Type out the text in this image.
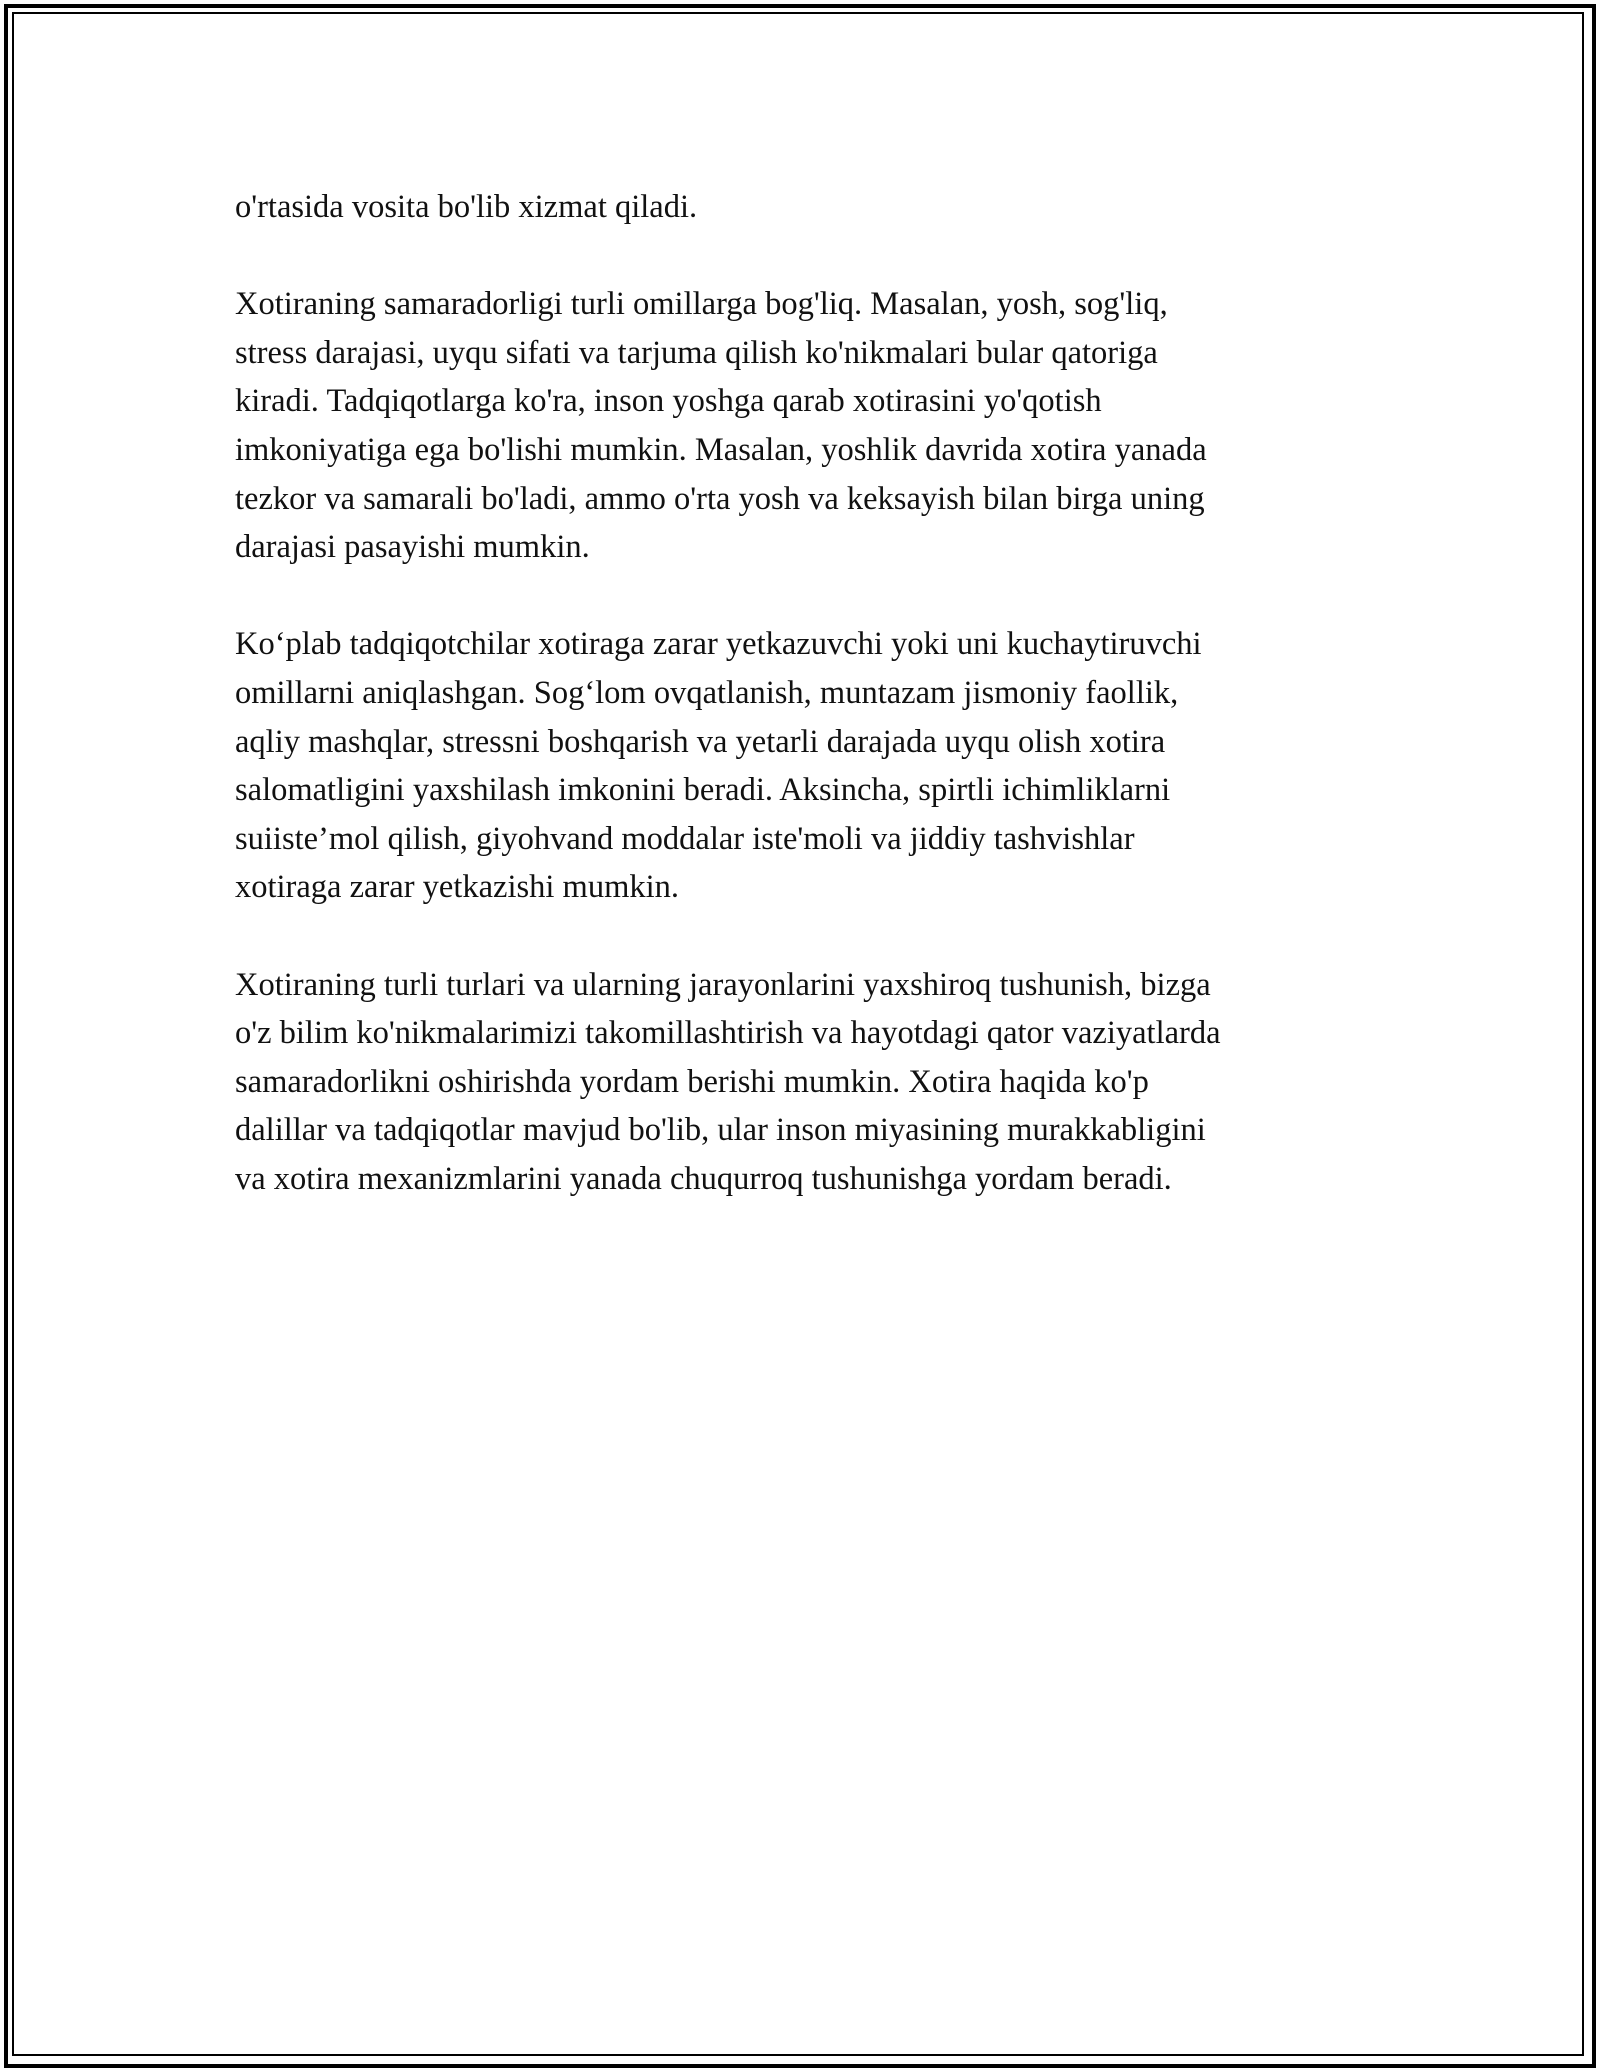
o'rtasida vosita bo'lib xizmat qiladi.

Xotiraning samaradorligi turli omillarga bog'liq. Masalan, yosh, sog'liq,
stress darajasi, uyqu sifati va tarjuma qilish ko'nikmalari bular qatoriga
kiradi. Tadqiqotlarga ko'ra, inson yoshga qarab xotirasini yo'qotish
imkoniyatiga ega bo'lishi mumkin. Masalan, yoshlik davrida xotira yanada
tezkor va samarali bo'ladi, ammo o'rta yosh va keksayish bilan birga uning
darajasi pasayishi mumkin.

Ko‘plab tadqiqotchilar xotiraga zarar yetkazuvchi yoki uni kuchaytiruvchi
omillarni aniqlashgan. Sog‘lom ovqatlanish, muntazam jismoniy faollik,
aqliy mashqlar, stressni boshqarish va yetarli darajada uyqu olish xotira
salomatligini yaxshilash imkonini beradi. Aksincha, spirtli ichimliklarni
suiiste’mol qilish, giyohvand moddalar iste'moli va jiddiy tashvishlar
xotiraga zarar yetkazishi mumkin.

Xotiraning turli turlari va ularning jarayonlarini yaxshiroq tushunish, bizga
o'z bilim ko'nikmalarimizi takomillashtirish va hayotdagi qator vaziyatlarda
samaradorlikni oshirishda yordam berishi mumkin. Xotira haqida ko'p
dalillar va tadqiqotlar mavjud bo'lib, ular inson miyasining murakkabligini
va xotira mexanizmlarini yanada chuqurroq tushunishga yordam beradi.
